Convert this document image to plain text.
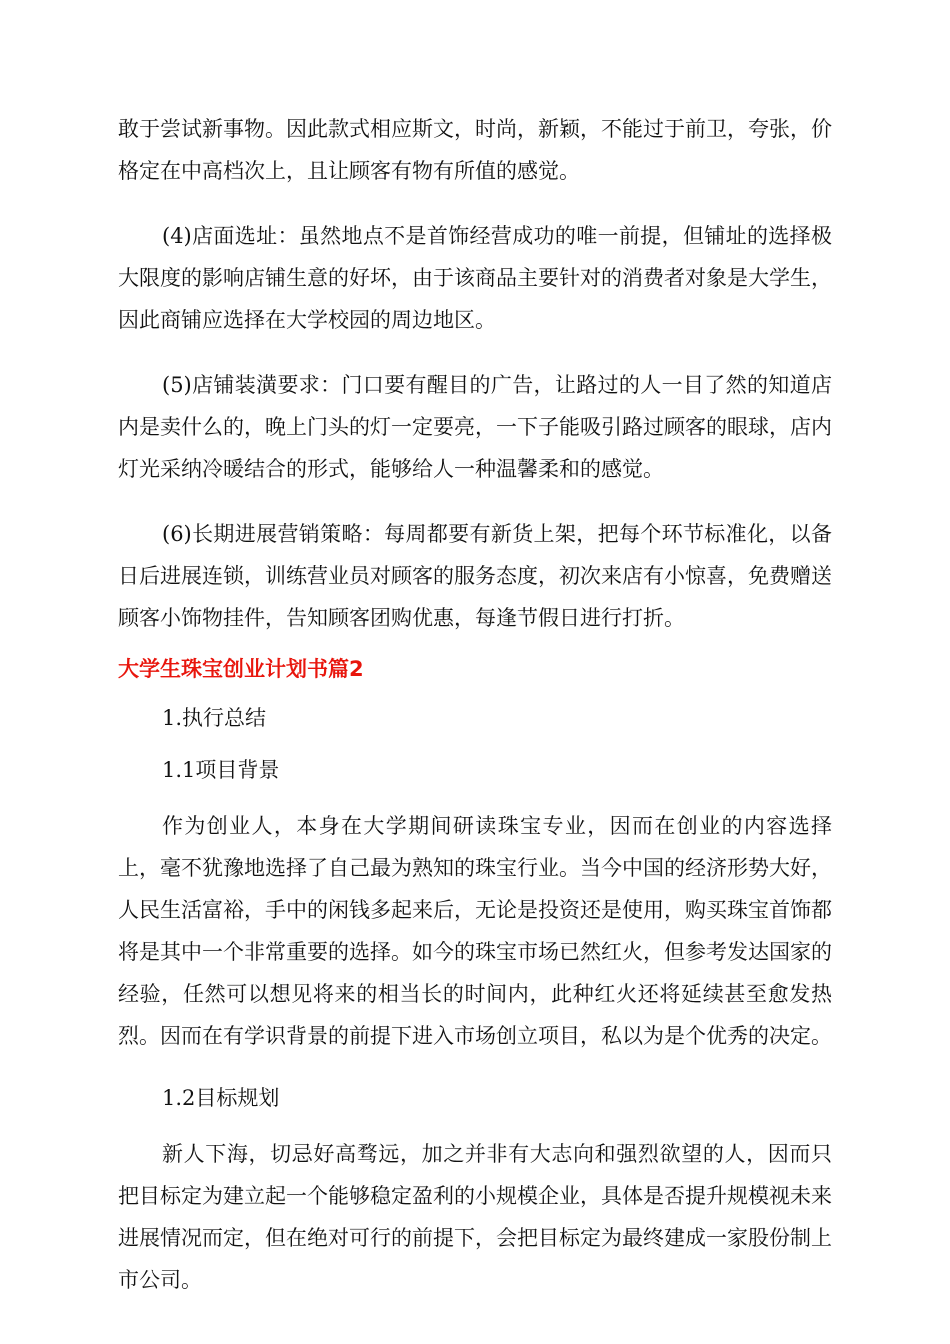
敢于尝试新事物。因此款式相应斯文，时尚，新颖，不能过于前卫，夸张，价格定在中高档次上，且让顾客有物有所值的感觉。

(4)店面选址：虽然地点不是首饰经营成功的唯一前提，但铺址的选择极大限度的影响店铺生意的好坏，由于该商品主要针对的消费者对象是大学生，因此商铺应选择在大学校园的周边地区。

(5)店铺装潢要求：门口要有醒目的广告，让路过的人一目了然的知道店内是卖什么的，晚上门头的灯一定要亮，一下子能吸引路过顾客的眼球，店内灯光采纳冷暖结合的形式，能够给人一种温馨柔和的感觉。

(6)长期进展营销策略：每周都要有新货上架，把每个环节标准化，以备日后进展连锁，训练营业员对顾客的服务态度，初次来店有小惊喜，免费赠送顾客小饰物挂件，告知顾客团购优惠，每逢节假日进行打折。

大学生珠宝创业计划书篇2

1.执行总结

1.1项目背景

作为创业人，本身在大学期间研读珠宝专业，因而在创业的内容选择上，毫不犹豫地选择了自己最为熟知的珠宝行业。当今中国的经济形势大好，人民生活富裕，手中的闲钱多起来后，无论是投资还是使用，购买珠宝首饰都将是其中一个非常重要的选择。如今的珠宝市场已然红火，但参考发达国家的经验，任然可以想见将来的相当长的时间内，此种红火还将延续甚至愈发热烈。因而在有学识背景的前提下进入市场创立项目，私以为是个优秀的决定。

1.2目标规划

新人下海，切忌好高骛远，加之并非有大志向和强烈欲望的人，因而只把目标定为建立起一个能够稳定盈利的小规模企业，具体是否提升规模视未来进展情况而定，但在绝对可行的前提下，会把目标定为最终建成一家股份制上市公司。
